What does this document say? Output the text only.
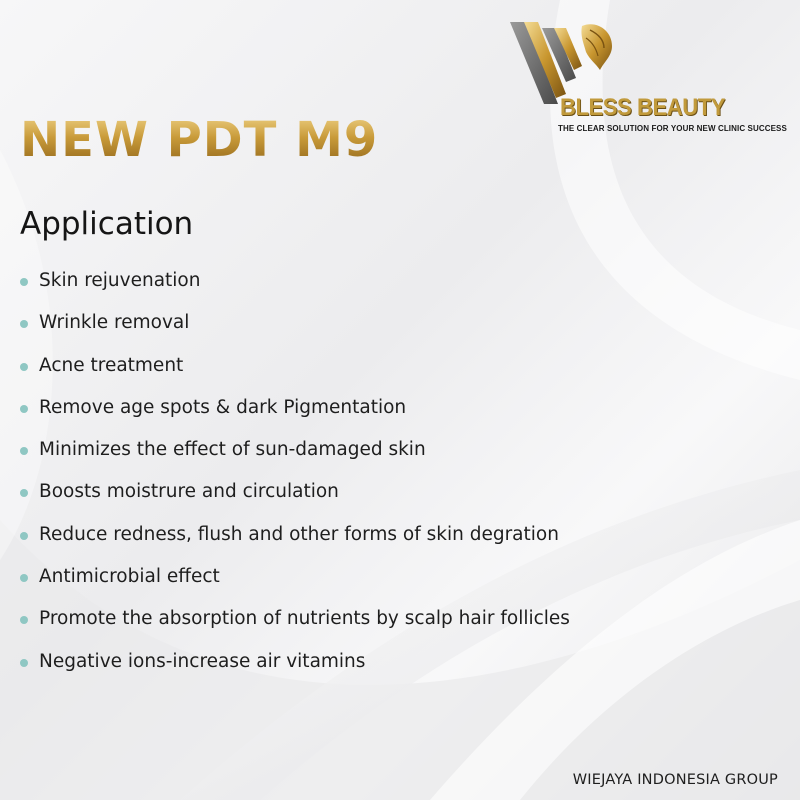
BLESS BEAUTY
THE CLEAR SOLUTION FOR YOUR NEW CLINIC SUCCESS
NEW PDT M9
Application
Skin rejuvenation
Wrinkle removal
Acne treatment
Remove age spots & dark Pigmentation
Minimizes the effect of sun-damaged skin
Boosts moistrure and circulation
Reduce redness, flush and other forms of skin degration
Antimicrobial effect
Promote the absorption of nutrients by scalp hair follicles
Negative ions-increase air vitamins
WIEJAYA INDONESIA GROUP
